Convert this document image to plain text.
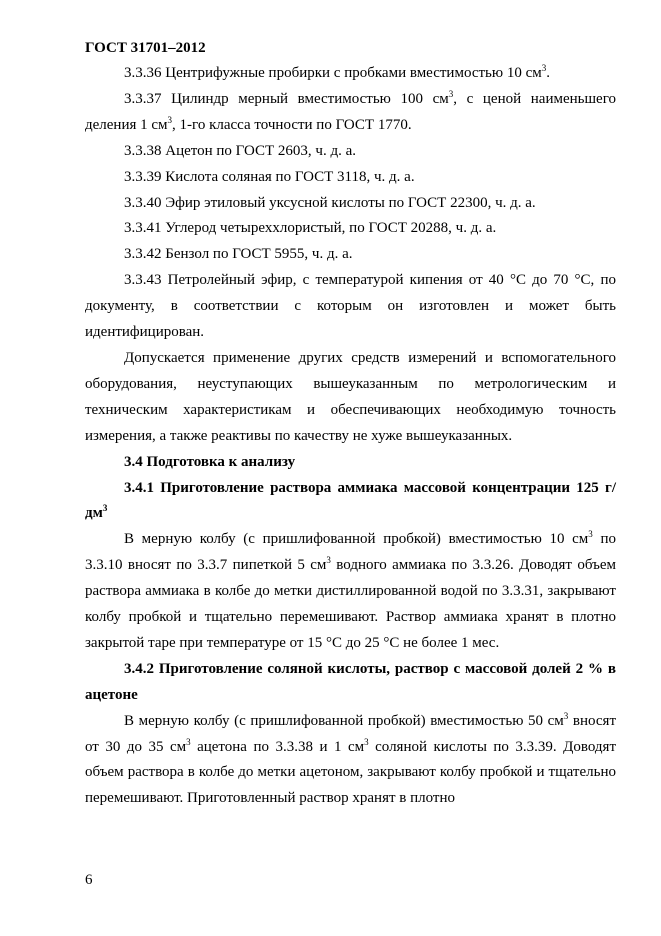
ГОСТ 31701–2012

3.3.36 Центрифужные пробирки с пробками вместимостью 10 $см^3$.

3.3.37 Цилиндр мерный вместимостью 100 $см^3$, с ценой наименьшего деления 1 $см^3$, 1-го класса точности по ГОСТ 1770.

3.3.38 Ацетон по ГОСТ 2603, ч. д. а.

3.3.39 Кислота соляная по ГОСТ 3118, ч. д. а.

3.3.40 Эфир этиловый уксусной кислоты по ГОСТ 22300, ч. д. а.

3.3.41 Углерод четыреххлористый, по ГОСТ 20288, ч. д. а.

3.3.42 Бензол по ГОСТ 5955, ч. д. а.

3.3.43 Петролейный эфир, с температурой кипения от 40 °C до 70 °C, по документу, в соответствии с которым он изготовлен и может быть идентифицирован.

Допускается применение других средств измерений и вспомогательного оборудования, неуступающих вышеуказанным по метрологическим и техническим характеристикам и обеспечивающих необходимую точность измерения, а также реактивы по качеству не хуже вышеуказанных.

3.4 Подготовка к анализу

3.4.1 Приготовление раствора аммиака массовой концентрации 125 $г/дм^3$

В мерную колбу (с пришлифованной пробкой) вместимостью 10 $см^3$ по 3.3.10 вносят по 3.3.7 пипеткой 5 $см^3$ водного аммиака по 3.3.26. Доводят объем раствора аммиака в колбе до метки дистиллированной водой по 3.3.31, закрывают колбу пробкой и тщательно перемешивают. Раствор аммиака хранят в плотно закрытой таре при температуре от 15 °C до 25 °C не более 1 мес.

3.4.2 Приготовление соляной кислоты, раствор с массовой долей 2 % в ацетоне

В мерную колбу (с пришлифованной пробкой) вместимостью 50 $см^3$ вносят от 30 до 35 $см^3$ ацетона по 3.3.38 и 1 $см^3$ соляной кислоты по 3.3.39. Доводят объем раствора в колбе до метки ацетоном, закрывают колбу пробкой и тщательно перемешивают. Приготовленный раствор хранят в плотно

6
